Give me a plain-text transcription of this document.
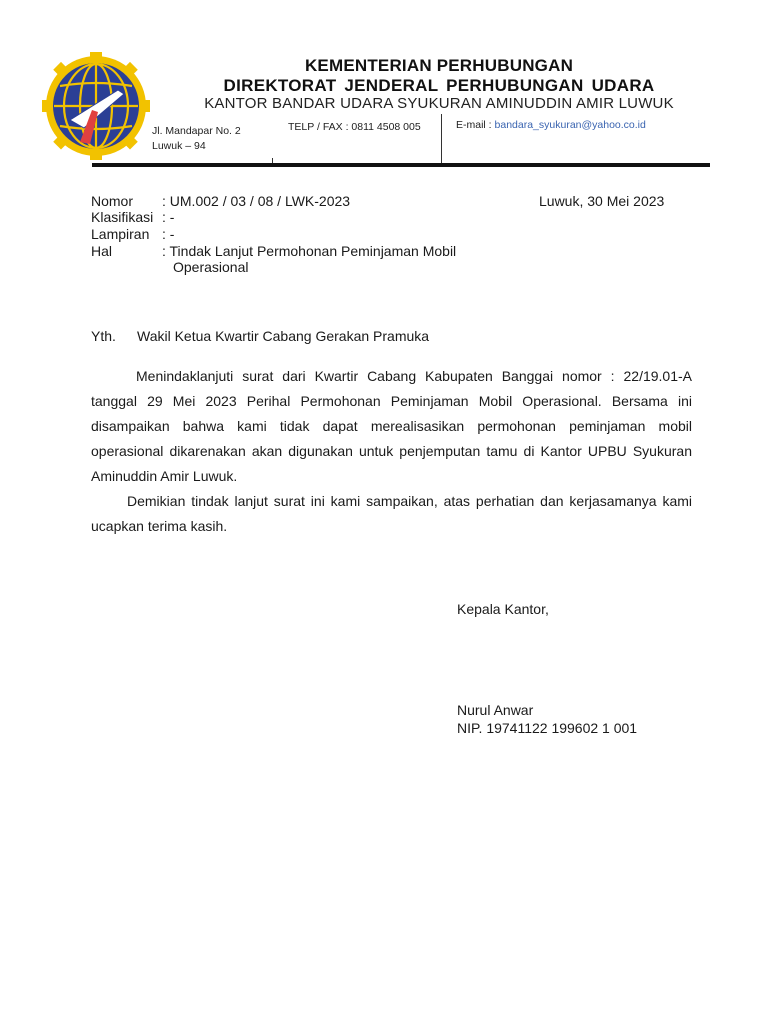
KEMENTERIAN PERHUBUNGAN
DIREKTORAT JENDERAL PERHUBUNGAN UDARA
KANTOR BANDAR UDARA SYUKURAN AMINUDDIN AMIR LUWUK
Jl. Mandapar No. 2
Luwuk – 94
TELP / FAX : 0811 4508 005	E-mail : bandara_syukuran@yahoo.co.id
Nomor : UM.002 / 03 / 08 / LWK-2023
Klasifikasi : -
Lampiran : -
Hal	: Tindak Lanjut Permohonan Peminjaman Mobil
Operasional
Luwuk, 30 Mei 2023
Yth. Wakil Ketua Kwartir Cabang Gerakan Pramuka
Menindaklanjuti surat dari Kwartir Cabang Kabupaten Banggai nomor : 22/19.01-A tanggal 29 Mei 2023 Perihal Permohonan Peminjaman Mobil Operasional. Bersama ini disampaikan bahwa kami tidak dapat merealisasikan permohonan peminjaman mobil operasional dikarenakan akan digunakan untuk penjemputan tamu di Kantor UPBU Syukuran Aminuddin Amir Luwuk.
Demikian tindak lanjut surat ini kami sampaikan, atas perhatian dan kerjasamanya kami ucapkan terima kasih.
Kepala Kantor,
Nurul Anwar
NIP. 19741122 199602 1 001
